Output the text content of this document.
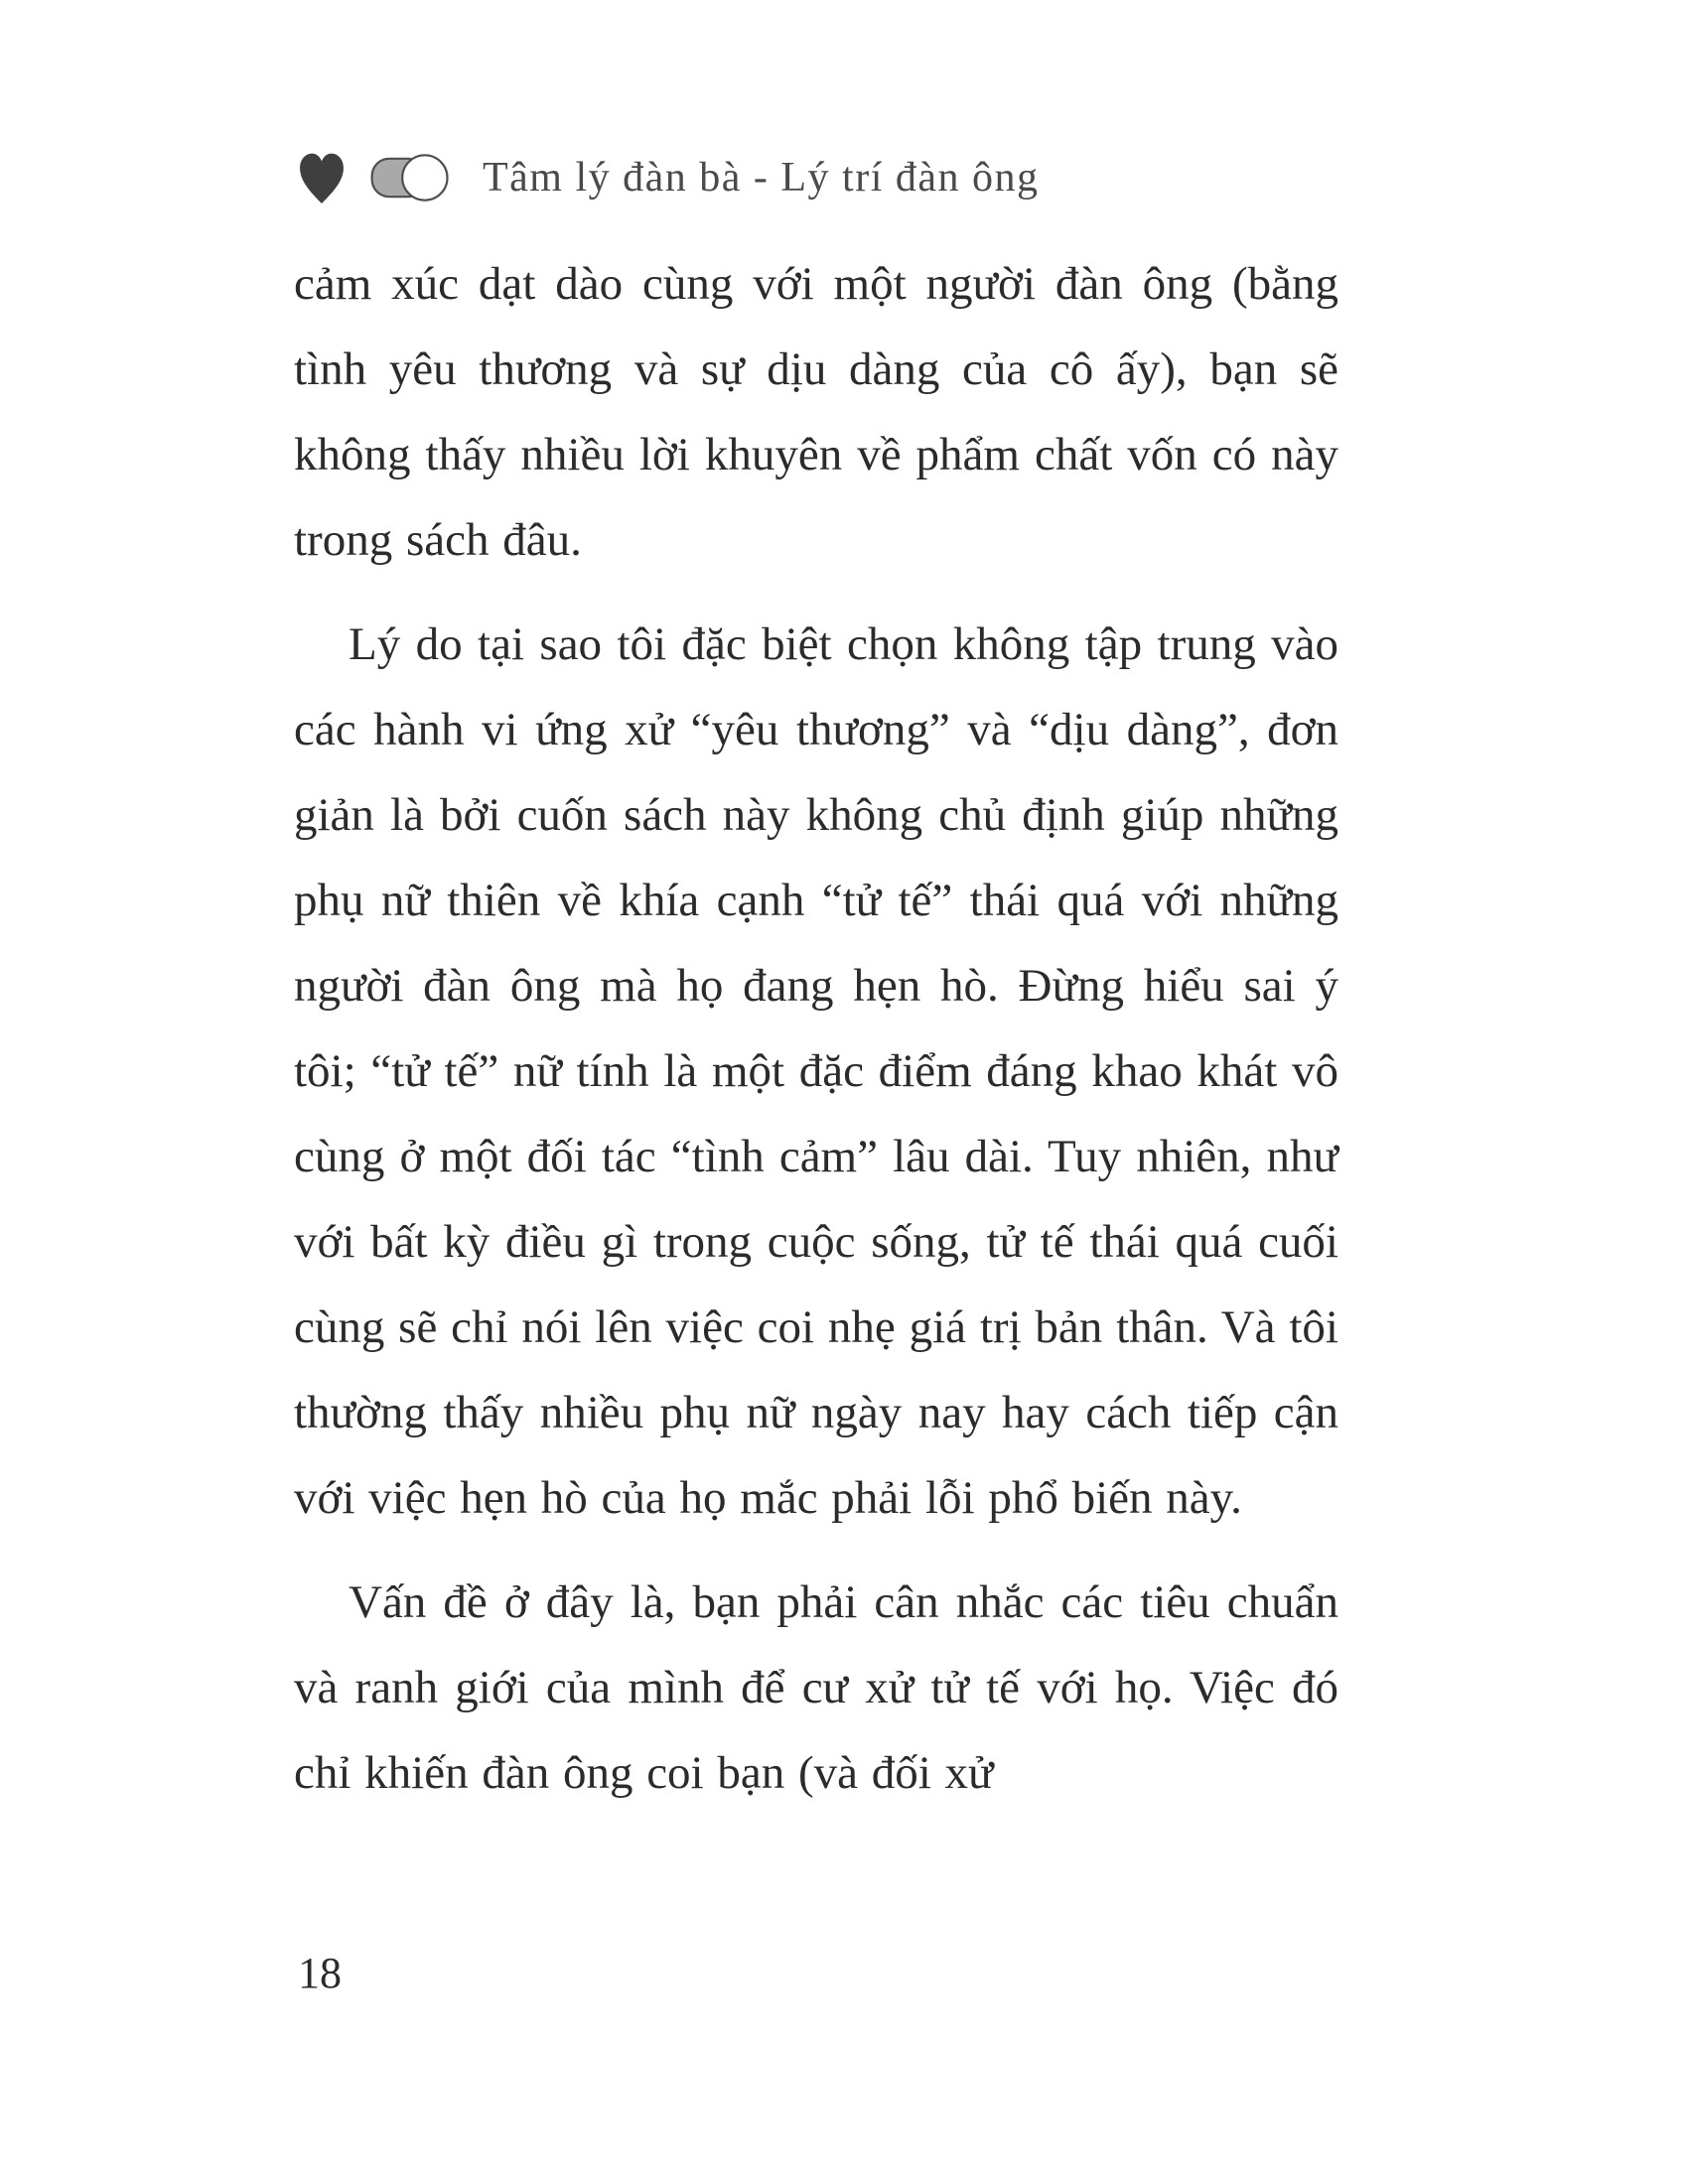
Tâm lý đàn bà - Lý trí đàn ông

cảm xúc dạt dào cùng với một người đàn ông (bằng tình yêu thương và sự dịu dàng của cô ấy), bạn sẽ không thấy nhiều lời khuyên về phẩm chất vốn có này trong sách đâu.

Lý do tại sao tôi đặc biệt chọn không tập trung vào các hành vi ứng xử “yêu thương” và “dịu dàng”, đơn giản là bởi cuốn sách này không chủ định giúp những phụ nữ thiên về khía cạnh “tử tế” thái quá với những người đàn ông mà họ đang hẹn hò. Đừng hiểu sai ý tôi; “tử tế” nữ tính là một đặc điểm đáng khao khát vô cùng ở một đối tác “tình cảm” lâu dài. Tuy nhiên, như với bất kỳ điều gì trong cuộc sống, tử tế thái quá cuối cùng sẽ chỉ nói lên việc coi nhẹ giá trị bản thân. Và tôi thường thấy nhiều phụ nữ ngày nay hay cách tiếp cận với việc hẹn hò của họ mắc phải lỗi phổ biến này.

Vấn đề ở đây là, bạn phải cân nhắc các tiêu chuẩn và ranh giới của mình để cư xử tử tế với họ. Việc đó chỉ khiến đàn ông coi bạn (và đối xử

18
